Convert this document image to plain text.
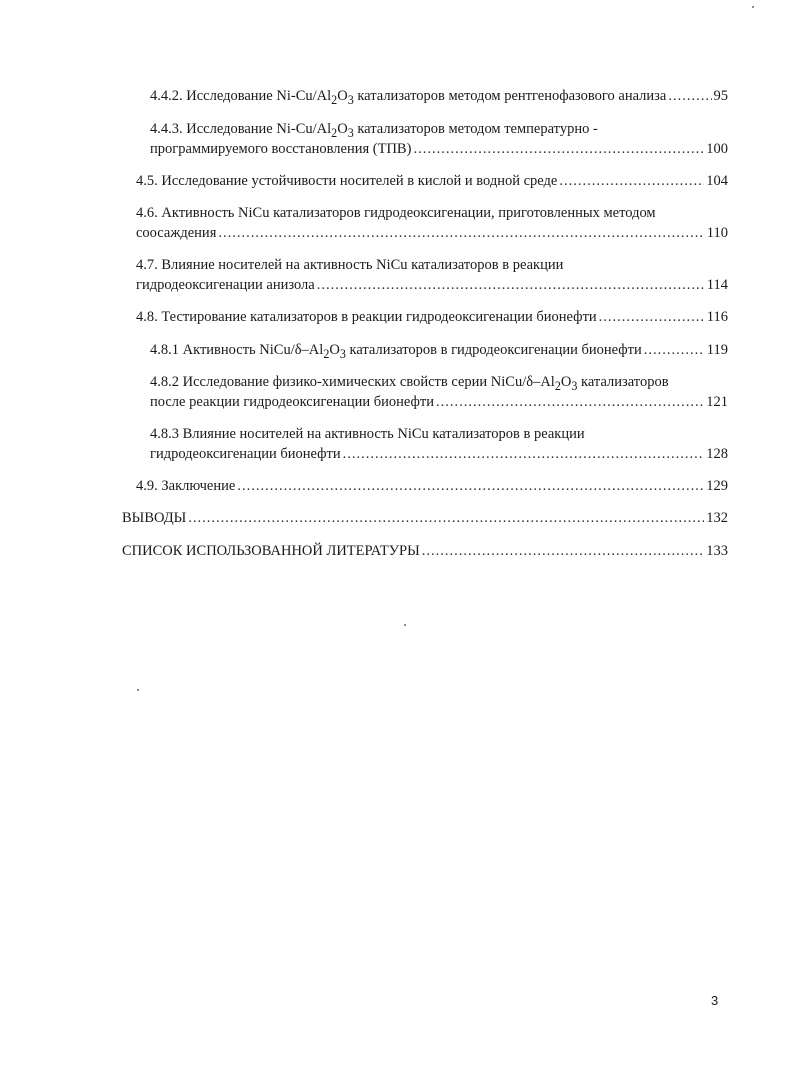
4.4.2. Исследование $Ni-Cu/Al_2O_3$ катализаторов методом рентгенофазового анализа .....	95
4.4.3. Исследование $Ni-Cu/Al_2O_3$ катализаторов методом температурно -
программируемого восстановления (ТПВ) .....	100
4.5. Исследование устойчивости носителей в кислой и водной среде .....	104
4.6. Активность NiCu катализаторов гидродеоксигенации, приготовленных методом
соосаждения .....	110
4.7. Влияние носителей на активность NiCu катализаторов в реакции
гидродеоксигенации анизола .....	114
4.8. Тестирование катализаторов в реакции гидродеоксигенации бионефти .....	116
4.8.1 Активность NiCu/$\delta-Al_2O_3$ катализаторов в гидродеоксигенации бионефти .....	119
4.8.2 Исследование физико-химических свойств серии NiCu/$\delta-Al_2O_3$ катализаторов
после реакции гидродеоксигенации бионефти .....	121
4.8.3 Влияние носителей на активность NiCu катализаторов в реакции
гидродеоксигенации бионефти .....	128
4.9. Заключение .....	129
ВЫВОДЫ .....	132
СПИСОК ИСПОЛЬЗОВАННОЙ ЛИТЕРАТУРЫ .....	133
3
